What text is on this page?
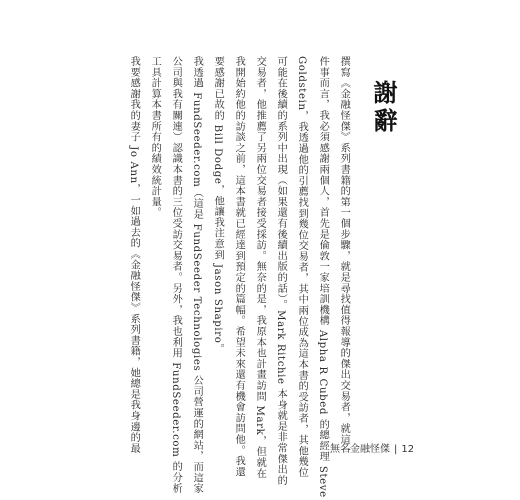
謝辭
撰寫《金融怪傑》系列書籍的第一個步驟，就是尋找值得報導的傑出交易者，就這一
件事而言，我必須感謝兩個人，首先是倫敦一家培訓機構 Alpha R Cubed 的總經理 Steve
Goldstein，我透過他的引薦找到幾位交易者，其中兩位成為這本書的受訪者，其他幾位
可能在後續的系列中出現（如果還有後續出版的話）。Mark Ritchie 本身就是非常傑出的
交易者，他推薦了另兩位交易者接受採訪。無奈的是，我原本也計畫訪問 Mark，但就在
我開始約他的訪談之前，這本書就已經達到預定的篇幅。希望未來還有機會訪問他。我還
要感謝已故的 Bill Dodge，他讓我注意到 Jason Shapiro。
我透過 FundSeeder.com（這是 FundSeeder Technologies 公司營運的網站，而這家
公司與我有關連）認識本書的三位受訪交易者。另外，我也利用 FundSeeder.com 的分析
工具計算本書所有的績效統計量。
我要感謝我的妻子 Jo Ann，一如過去的《金融怪傑》系列書籍，她總是我身邊的最	無名金融怪傑 | 12
